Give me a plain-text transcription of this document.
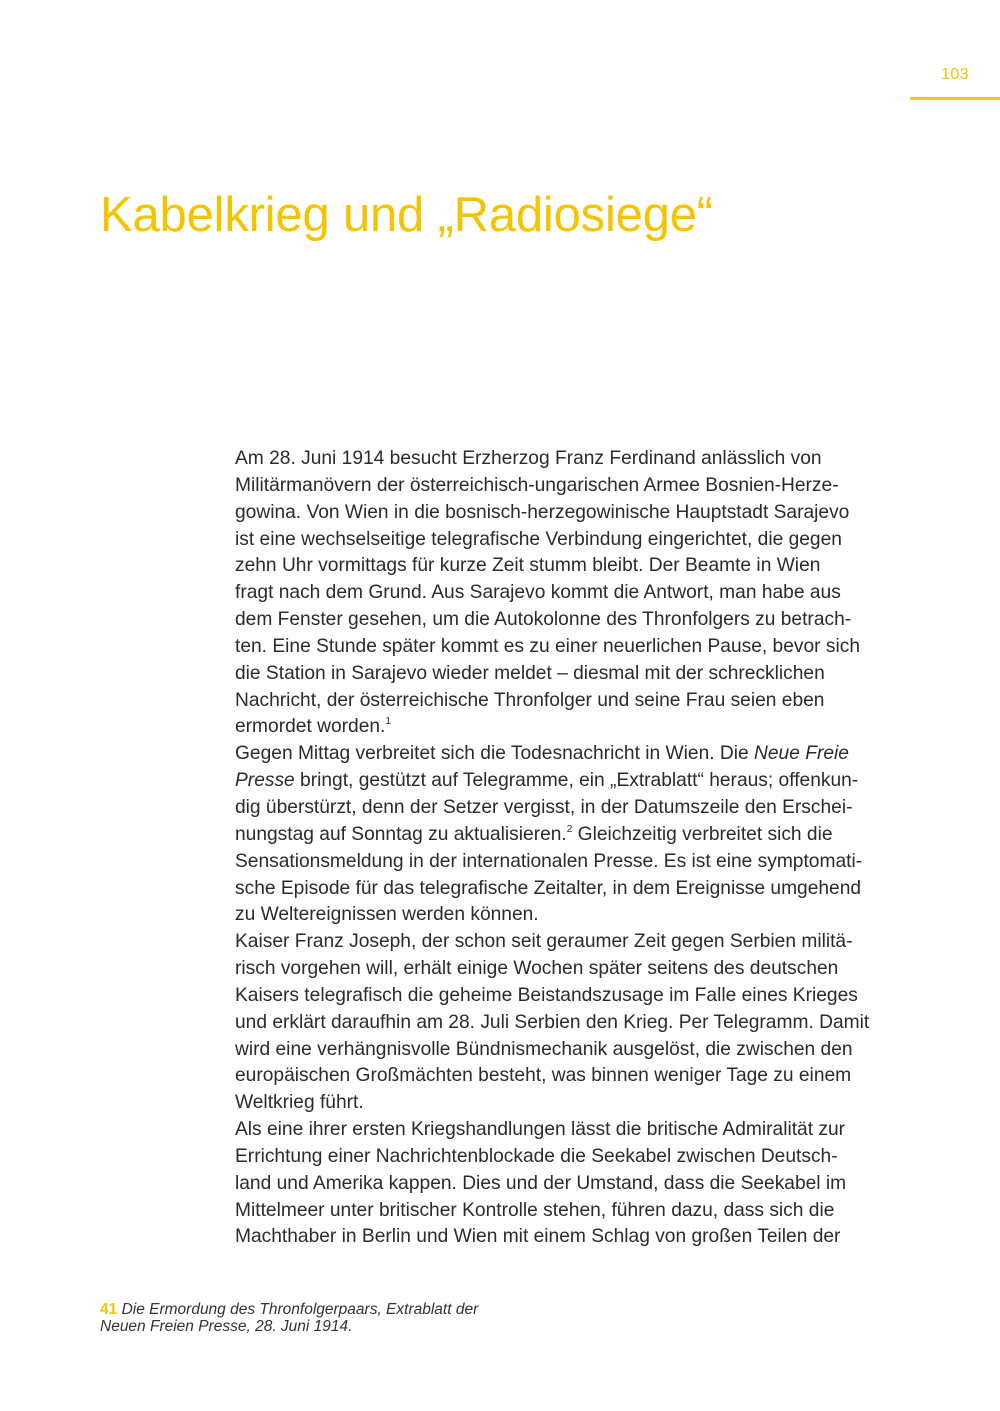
103
Kabelkrieg und „Radiosiege“
Am 28. Juni 1914 besucht Erzherzog Franz Ferdinand anlässlich von
Militärmanövern der österreichisch-ungarischen Armee Bosnien-Herze-
gowina. Von Wien in die bosnisch-herzegowinische Hauptstadt Sarajevo
ist eine wechselseitige telegrafische Verbindung eingerichtet, die gegen
zehn Uhr vormittags für kurze Zeit stumm bleibt. Der Beamte in Wien
fragt nach dem Grund. Aus Sarajevo kommt die Antwort, man habe aus
dem Fenster gesehen, um die Autokolonne des Thronfolgers zu betrach-
ten. Eine Stunde später kommt es zu einer neuerlichen Pause, bevor sich
die Station in Sarajevo wieder meldet – diesmal mit der schrecklichen
Nachricht, der österreichische Thronfolger und seine Frau seien eben
ermordet worden.$^1$
Gegen Mittag verbreitet sich die Todesnachricht in Wien. Die Neue Freie
Presse bringt, gestützt auf Telegramme, ein „Extrablatt“ heraus; offenkun-
dig überstürzt, denn der Setzer vergisst, in der Datumszeile den Erschei-
nungstag auf Sonntag zu aktualisieren.$^2$ Gleichzeitig verbreitet sich die
Sensationsmeldung in der internationalen Presse. Es ist eine symptomati-
sche Episode für das telegrafische Zeitalter, in dem Ereignisse umgehend
zu Weltereignissen werden können.
Kaiser Franz Joseph, der schon seit geraumer Zeit gegen Serbien militä-
risch vorgehen will, erhält einige Wochen später seitens des deutschen
Kaisers telegrafisch die geheime Beistandszusage im Falle eines Krieges
und erklärt daraufhin am 28. Juli Serbien den Krieg. Per Telegramm. Damit
wird eine verhängnisvolle Bündnismechanik ausgelöst, die zwischen den
europäischen Großmächten besteht, was binnen weniger Tage zu einem
Weltkrieg führt.
Als eine ihrer ersten Kriegshandlungen lässt die britische Admiralität zur
Errichtung einer Nachrichtenblockade die Seekabel zwischen Deutsch-
land und Amerika kappen. Dies und der Umstand, dass die Seekabel im
Mittelmeer unter britischer Kontrolle stehen, führen dazu, dass sich die
Machthaber in Berlin und Wien mit einem Schlag von großen Teilen der
41 Die Ermordung des Thronfolgerpaars, Extrablatt der
Neuen Freien Presse, 28. Juni 1914.
